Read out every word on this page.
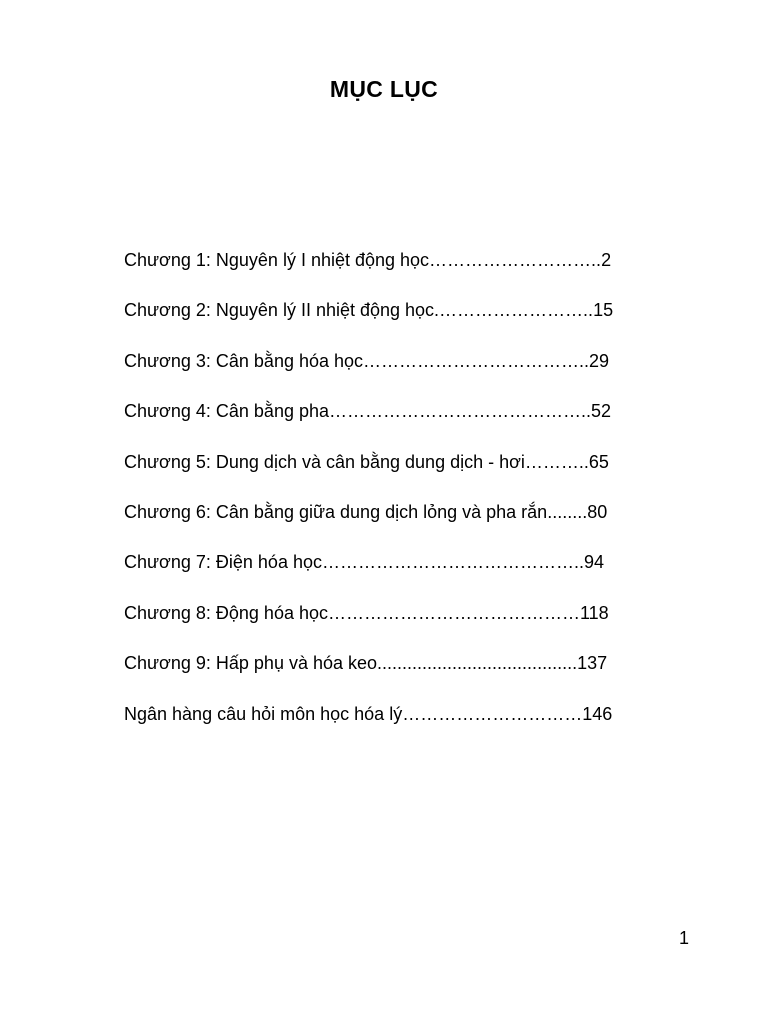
MỤC LỤC
Chương 1: Nguyên lý I nhiệt động học………………………..2
Chương 2: Nguyên lý II nhiệt động học.……………………..15
Chương 3: Cân bằng hóa học………………………………..29
Chương 4: Cân bằng pha……………………………………..52
Chương 5: Dung dịch và cân bằng dung dịch - hơi………..65
Chương 6: Cân bằng giữa dung dịch lỏng và pha rắn........80
Chương 7: Điện hóa học……………………………………..94
Chương 8: Động hóa học……………………………………118
Chương 9: Hấp phụ và hóa keo........................................137
Ngân hàng câu hỏi môn học hóa lý…………………………146
1
